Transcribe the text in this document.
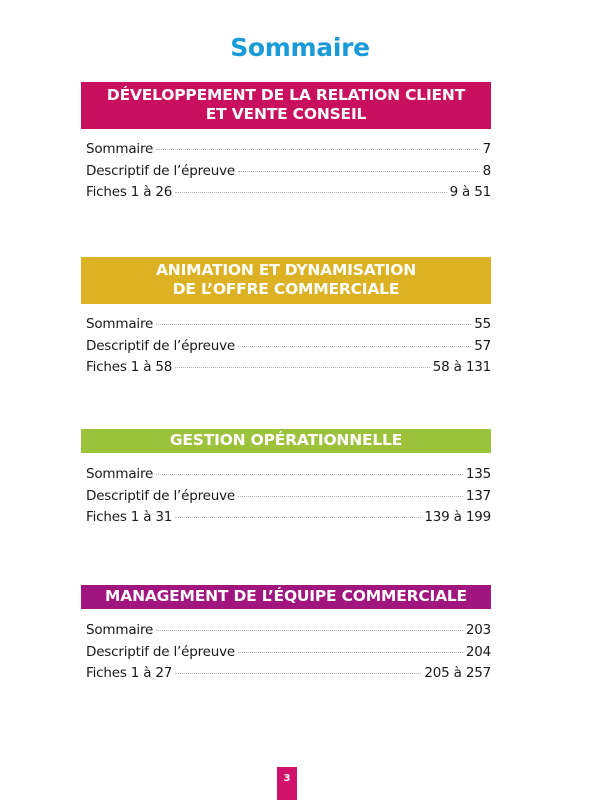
Sommaire
DÉVELOPPEMENT DE LA RELATION CLIENT
ET VENTE CONSEIL
Sommaire	7
Descriptif de l’épreuve	8
Fiches 1 à 26	9 à 51
ANIMATION ET DYNAMISATION
DE L’OFFRE COMMERCIALE
Sommaire	55
Descriptif de l’épreuve	57
Fiches 1 à 58	58 à 131
GESTION OPÉRATIONNELLE
Sommaire	135
Descriptif de l’épreuve	137
Fiches 1 à 31	139 à 199
MANAGEMENT DE L’ÉQUIPE COMMERCIALE
Sommaire	203
Descriptif de l’épreuve	204
Fiches 1 à 27	205 à 257
3
